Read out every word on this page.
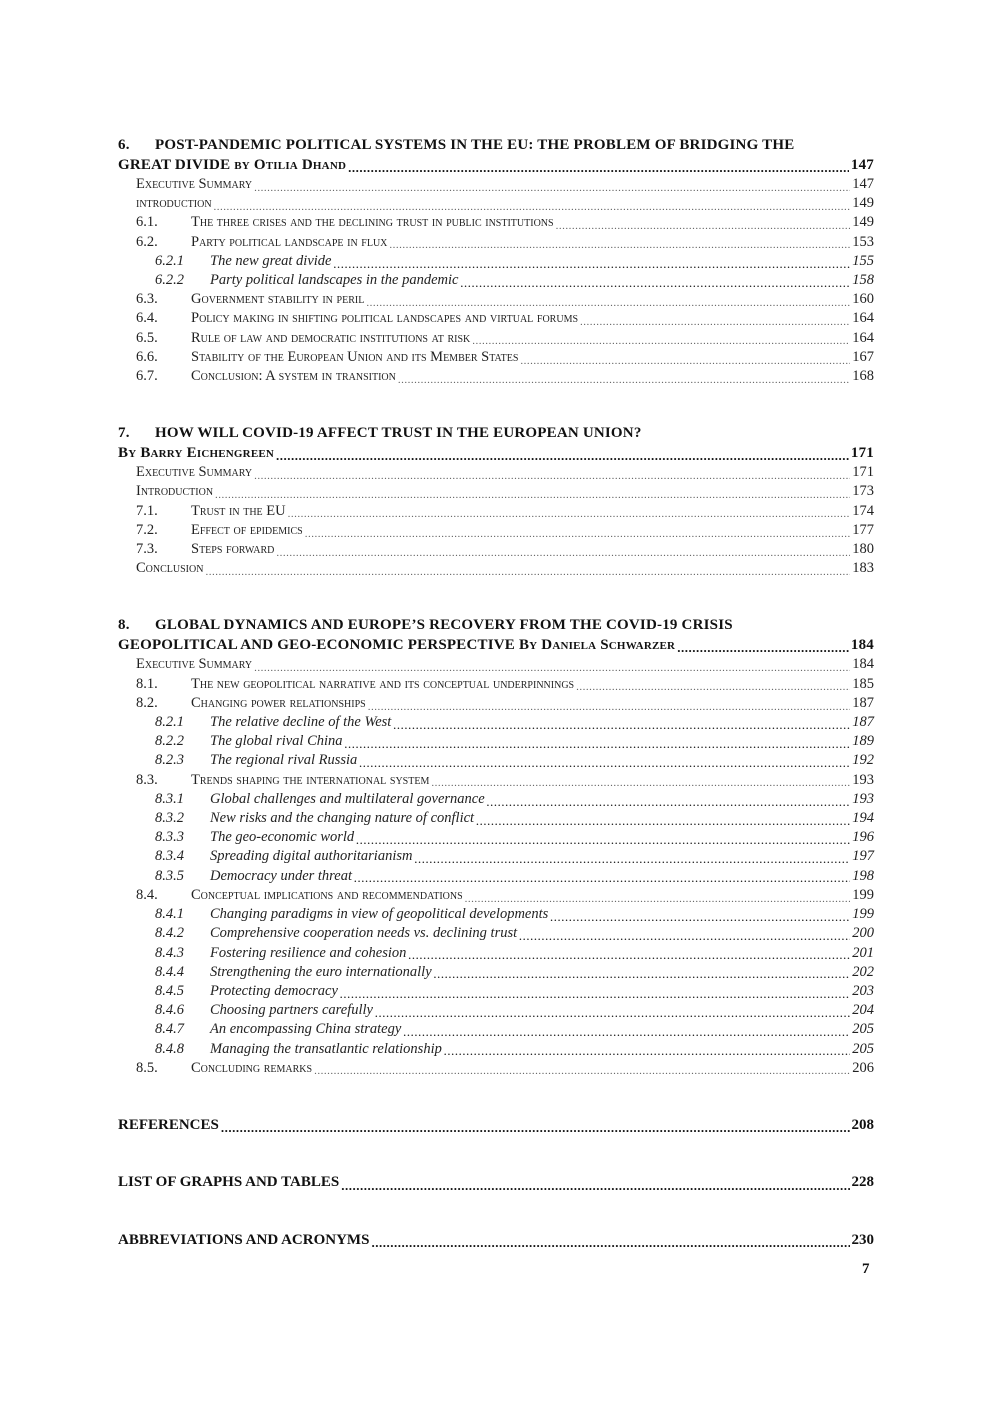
6. POST-PANDEMIC POLITICAL SYSTEMS IN THE EU: THE PROBLEM OF BRIDGING THE
GREAT DIVIDE by Otilia Dhand .....	147
Executive Summary .....	147
introduction .....	149
6.1. The three crises and the declining trust in public institutions .....	149
6.2. Party political landscape in flux .....	153
6.2.1 The new great divide .....	155
6.2.2 Party political landscapes in the pandemic .....	158
6.3. Government stability in peril .....	160
6.4. Policy making in shifting political landscapes and virtual forums .....	164
6.5. Rule of law and democratic institutions at risk .....	164
6.6. Stability of the European Union and its Member States .....	167
6.7. Conclusion: A system in transition .....	168
7. HOW WILL COVID-19 AFFECT TRUST IN THE EUROPEAN UNION?
By Barry Eichengreen .....	171
Executive Summary .....	171
Introduction .....	173
7.1. Trust in the EU .....	174
7.2. Effect of epidemics .....	177
7.3. Steps forward .....	180
Conclusion .....	183
8. GLOBAL DYNAMICS AND EUROPE’S RECOVERY FROM THE COVID-19 CRISIS
GEOPOLITICAL AND GEO-ECONOMIC PERSPECTIVE By Daniela Schwarzer .....	184
Executive Summary .....	184
8.1. The new geopolitical narrative and its conceptual underpinnings .....	185
8.2. Changing power relationships .....	187
8.2.1 The relative decline of the West .....	187
8.2.2 The global rival China .....	189
8.2.3 The regional rival Russia .....	192
8.3. Trends shaping the international system .....	193
8.3.1 Global challenges and multilateral governance .....	193
8.3.2 New risks and the changing nature of conflict .....	194
8.3.3 The geo-economic world .....	196
8.3.4 Spreading digital authoritarianism .....	197
8.3.5 Democracy under threat .....	198
8.4. Conceptual implications and recommendations .....	199
8.4.1 Changing paradigms in view of geopolitical developments .....	199
8.4.2 Comprehensive cooperation needs vs. declining trust .....	200
8.4.3 Fostering resilience and cohesion .....	201
8.4.4 Strengthening the euro internationally .....	202
8.4.5 Protecting democracy .....	203
8.4.6 Choosing partners carefully .....	204
8.4.7 An encompassing China strategy .....	205
8.4.8 Managing the transatlantic relationship .....	205
8.5. Concluding remarks .....	206
REFERENCES .....	208
LIST OF GRAPHS AND TABLES .....	228
ABBREVIATIONS AND ACRONYMS .....	230
7
